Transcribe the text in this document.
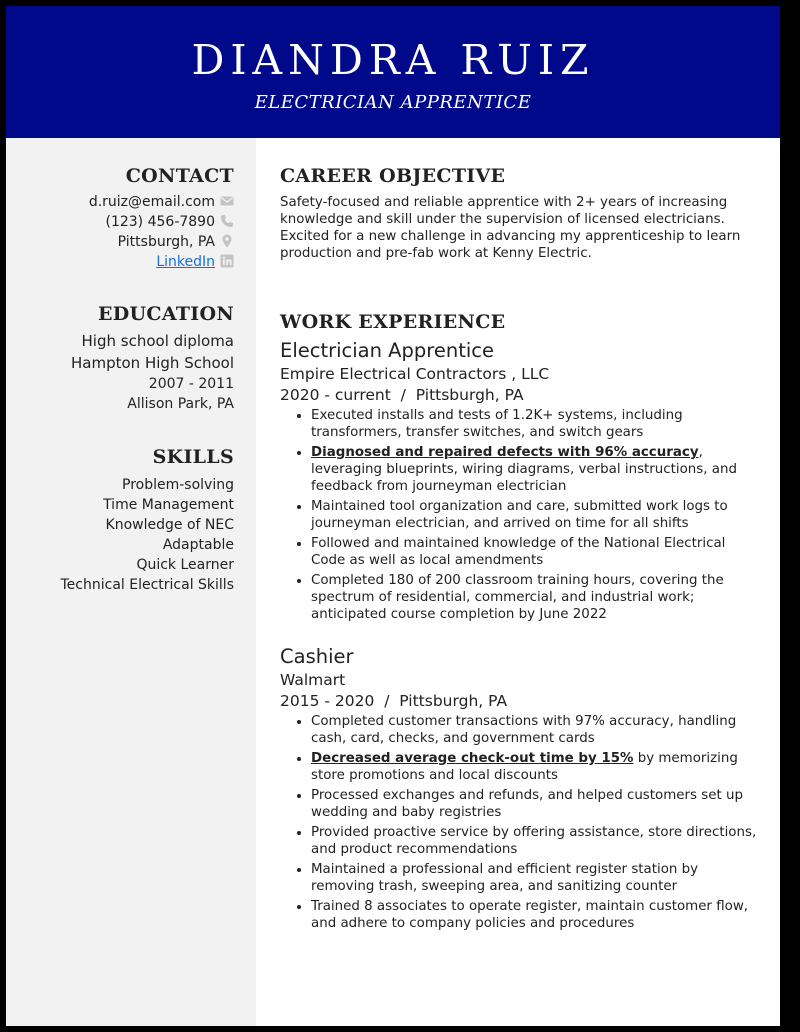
DIANDRA RUIZ
ELECTRICIAN APPRENTICE
CONTACT
d.ruiz@email.com
(123) 456-7890
Pittsburgh, PA
LinkedIn
EDUCATION
High school diploma
Hampton High School
2007 - 2011
Allison Park, PA
SKILLS
Problem-solving
Time Management
Knowledge of NEC
Adaptable
Quick Learner
Technical Electrical Skills
CAREER OBJECTIVE
Safety-focused and reliable apprentice with 2+ years of increasing knowledge and skill under the supervision of licensed electricians. Excited for a new challenge in advancing my apprenticeship to learn production and pre-fab work at Kenny Electric.
WORK EXPERIENCE
Electrician Apprentice
Empire Electrical Contractors , LLC
2020 - current / Pittsburgh, PA
• Executed installs and tests of 1.2K+ systems, including transformers, transfer switches, and switch gears
• Diagnosed and repaired defects with 96% accuracy, leveraging blueprints, wiring diagrams, verbal instructions, and feedback from journeyman electrician
• Maintained tool organization and care, submitted work logs to journeyman electrician, and arrived on time for all shifts
• Followed and maintained knowledge of the National Electrical Code as well as local amendments
• Completed 180 of 200 classroom training hours, covering the spectrum of residential, commercial, and industrial work; anticipated course completion by June 2022
Cashier
Walmart
2015 - 2020 / Pittsburgh, PA
• Completed customer transactions with 97% accuracy, handling cash, card, checks, and government cards
• Decreased average check-out time by 15% by memorizing store promotions and local discounts
• Processed exchanges and refunds, and helped customers set up wedding and baby registries
• Provided proactive service by offering assistance, store directions, and product recommendations
• Maintained a professional and efficient register station by removing trash, sweeping area, and sanitizing counter
• Trained 8 associates to operate register, maintain customer flow, and adhere to company policies and procedures
